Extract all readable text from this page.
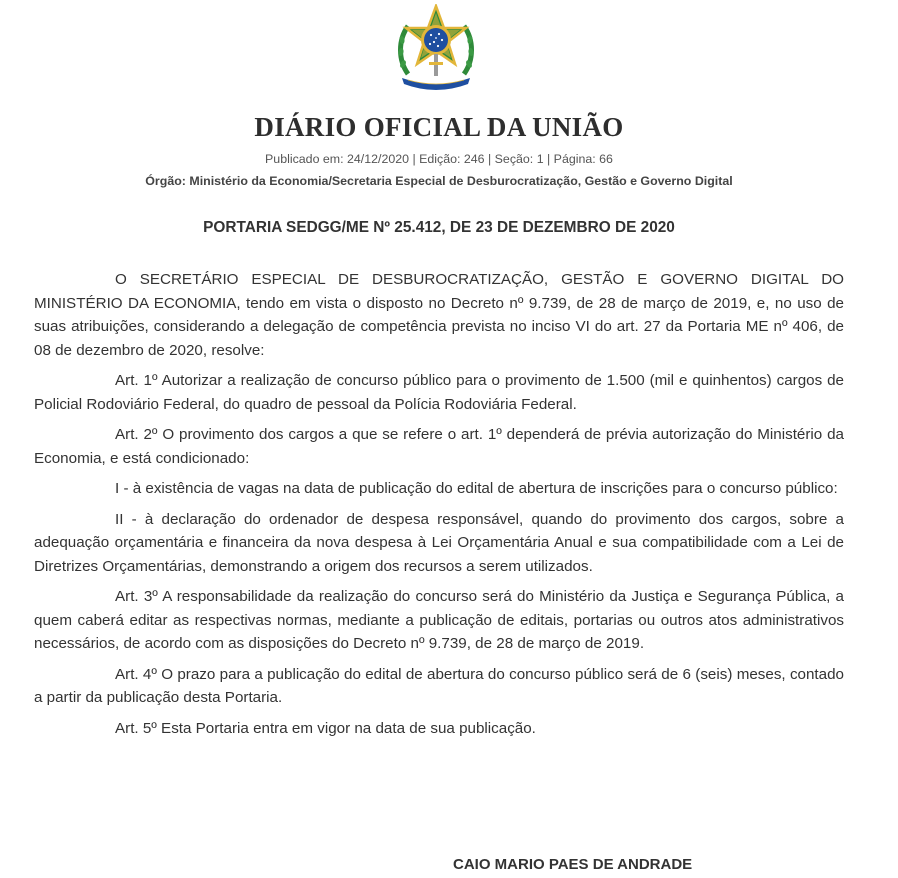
DIÁRIO OFICIAL DA UNIÃO
Publicado em: 24/12/2020 | Edição: 246 | Seção: 1 | Página: 66
Órgão: Ministério da Economia/Secretaria Especial de Desburocratização, Gestão e Governo Digital
PORTARIA SEDGG/ME Nº 25.412, DE 23 DE DEZEMBRO DE 2020

O SECRETÁRIO ESPECIAL DE DESBUROCRATIZAÇÃO, GESTÃO E GOVERNO DIGITAL DO MINISTÉRIO DA ECONOMIA, tendo em vista o disposto no Decreto nº 9.739, de 28 de março de 2019, e, no uso de suas atribuições, considerando a delegação de competência prevista no inciso VI do art. 27 da Portaria ME nº 406, de 08 de dezembro de 2020, resolve:

Art. 1º Autorizar a realização de concurso público para o provimento de 1.500 (mil e quinhentos) cargos de Policial Rodoviário Federal, do quadro de pessoal da Polícia Rodoviária Federal.

Art. 2º O provimento dos cargos a que se refere o art. 1º dependerá de prévia autorização do Ministério da Economia, e está condicionado:

I - à existência de vagas na data de publicação do edital de abertura de inscrições para o concurso público:

II - à declaração do ordenador de despesa responsável, quando do provimento dos cargos, sobre a adequação orçamentária e financeira da nova despesa à Lei Orçamentária Anual e sua compatibilidade com a Lei de Diretrizes Orçamentárias, demonstrando a origem dos recursos a serem utilizados.

Art. 3º A responsabilidade da realização do concurso será do Ministério da Justiça e Segurança Pública, a quem caberá editar as respectivas normas, mediante a publicação de editais, portarias ou outros atos administrativos necessários, de acordo com as disposições do Decreto nº 9.739, de 28 de março de 2019.

Art. 4º O prazo para a publicação do edital de abertura do concurso público será de 6 (seis) meses, contado a partir da publicação desta Portaria.

Art. 5º Esta Portaria entra em vigor na data de sua publicação.

CAIO MARIO PAES DE ANDRADE
